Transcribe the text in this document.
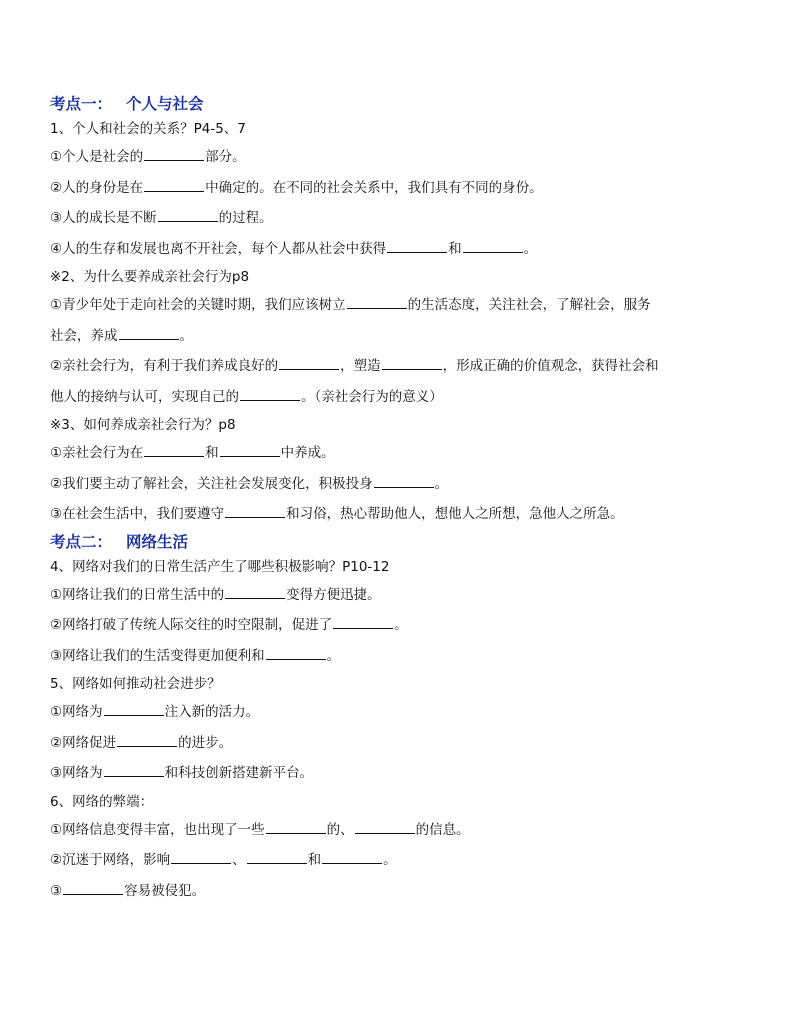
考点一： 个人与社会
1、个人和社会的关系？P4-5、7
①个人是社会的	部分。
②人的身份是在	中确定的。在不同的社会关系中，我们具有不同的身份。
③人的成长是不断	的过程。
④人的生存和发展也离不开社会，每个人都从社会中获得	和	。
※2、为什么要养成亲社会行为p8
①青少年处于走向社会的关键时期，我们应该树立	的生活态度，关注社会，了解社会，服务
社会，养成	。
②亲社会行为，有利于我们养成良好的	，塑造	，形成正确的价值观念，获得社会和
他人的接纳与认可，实现自己的	。（亲社会行为的意义）
※3、如何养成亲社会行为？p8
①亲社会行为在	和	中养成。
②我们要主动了解社会，关注社会发展变化，积极投身	。
③在社会生活中，我们要遵守	和习俗，热心帮助他人，想他人之所想，急他人之所急。
考点二： 网络生活
4、网络对我们的日常生活产生了哪些积极影响？P10-12
①网络让我们的日常生活中的	变得方便迅捷。
②网络打破了传统人际交往的时空限制，促进了	。
③网络让我们的生活变得更加便利和	。
5、网络如何推动社会进步？
①网络为	注入新的活力。
②网络促进	的进步。
③网络为	和科技创新搭建新平台。
6、网络的弊端：
①网络信息变得丰富，也出现了一些	的、	的信息。
②沉迷于网络，影响	、	和	。
③	容易被侵犯。
